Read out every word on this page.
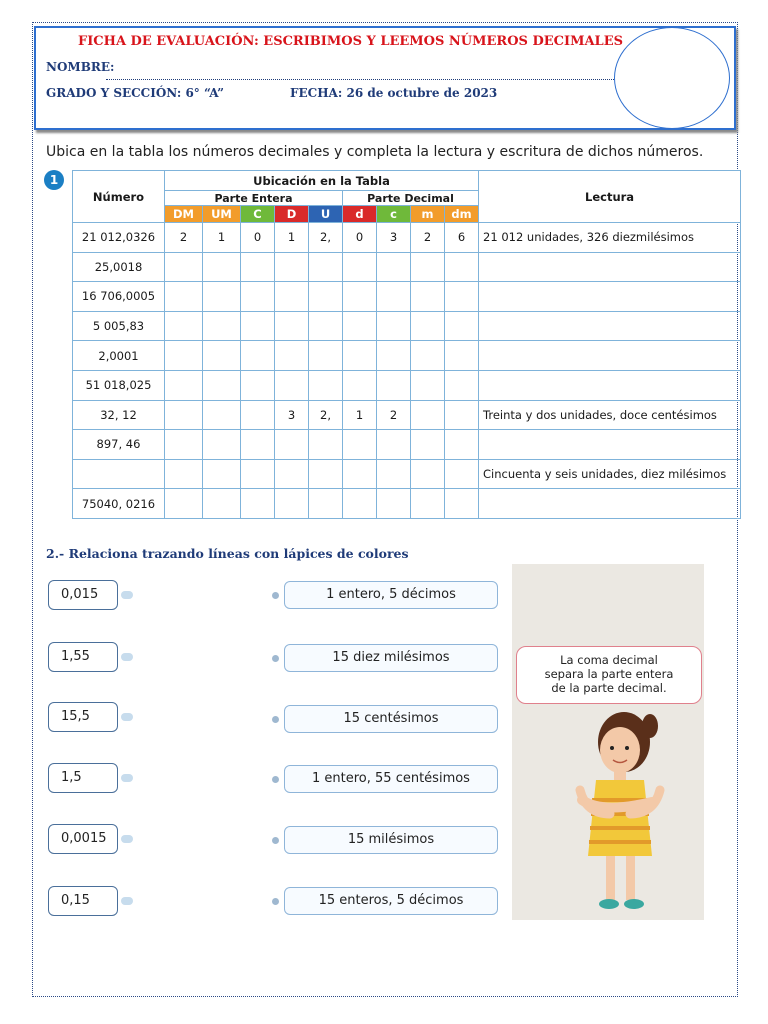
FICHA DE EVALUACIÓN: ESCRIBIMOS Y LEEMOS NÚMEROS DECIMALES
NOMBRE:
GRADO Y SECCIÓN: 6° “A”	FECHA: 26 de octubre de 2023
Ubica en la tabla los números decimales y completa la lectura y escritura de dichos números.
1
Número	Ubicación en la Tabla									Lectura
	Parte Entera					Parte Decimal				
	DM	UM	C	D	U	d	c	m	dm	
21 012,0326	2	1	0	1	2,	0	3	2	6	21 012 unidades, 326 diezmilésimos
25,0018										
16 706,0005										
5 005,83										
2,0001										
51 018,025										
32, 12				3	2,	1	2			Treinta y dos unidades, doce centésimos
897, 46										
										Cincuenta y seis unidades, diez milésimos
75040, 0216										
2.- Relaciona trazando líneas con lápices de colores
0,015
1,55
15,5
1,5
0,0015
0,15
1 entero, 5 décimos
15 diez milésimos
15 centésimos
1 entero, 55 centésimos
15 milésimos
15 enteros, 5 décimos
La coma decimal
separa la parte entera
de la parte decimal.
